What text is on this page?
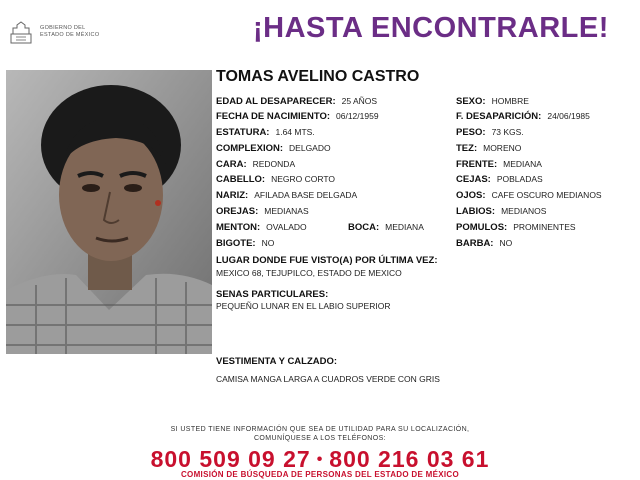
GOBIERNO DEL
ESTADO DE MÉXICO	¡HASTA ENCONTRARLE!
TOMAS AVELINO CASTRO
EDAD AL DESAPARECER: 25 AÑOS
FECHA DE NACIMIENTO: 06/12/1959
ESTATURA: 1.64 MTS.
COMPLEXION: DELGADO
CARA: REDONDA
CABELLO: NEGRO CORTO
NARIZ: AFILADA BASE DELGADA
OREJAS: MEDIANAS
MENTON: OVALADO	BOCA: MEDIANA
BIGOTE: NO
SEXO: HOMBRE
F. DESAPARICIÓN: 24/06/1985
PESO: 73 KGS.
TEZ: MORENO
FRENTE: MEDIANA
CEJAS: POBLADAS
OJOS: CAFE OSCURO MEDIANOS
LABIOS: MEDIANOS
POMULOS: PROMINENTES
BARBA: NO
LUGAR DONDE FUE VISTO(A) POR ÚLTIMA VEZ:
MEXICO 68, TEJUPILCO, ESTADO DE MEXICO
SENAS PARTICULARES:
PEQUEÑO LUNAR EN EL LABIO SUPERIOR
VESTIMENTA Y CALZADO:
CAMISA MANGA LARGA A CUADROS VERDE CON GRIS
SI USTED TIENE INFORMACIÓN QUE SEA DE UTILIDAD PARA SU LOCALIZACIÓN,
COMUNÍQUESE A LOS TELÉFONOS:
800 509 09 27 • 800 216 03 61
COMISIÓN DE BÚSQUEDA DE PERSONAS DEL ESTADO DE MÉXICO
